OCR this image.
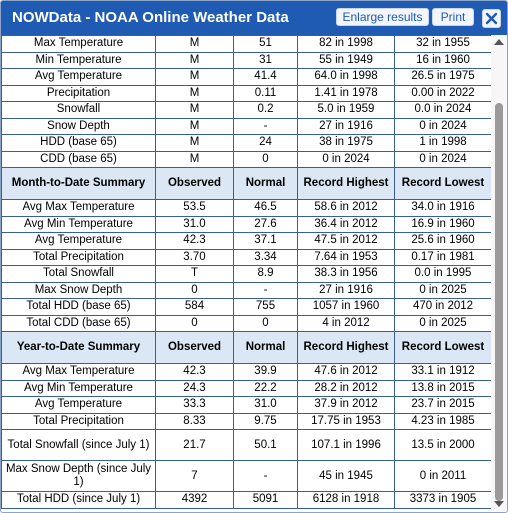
NOWData - NOAA Online Weather Data	Enlarge results	Print
Max Temperature	M	51	82 in 1998	32 in 1955
Min Temperature	M	31	55 in 1949	16 in 1960
Avg Temperature	M	41.4	64.0 in 1998	26.5 in 1975
Precipitation	M	0.11	1.41 in 1978	0.00 in 2022
Snowfall	M	0.2	5.0 in 1959	0.0 in 2024
Snow Depth	M	-	27 in 1916	0 in 2024
HDD (base 65)	M	24	38 in 1975	1 in 1998
CDD (base 65)	M	0	0 in 2024	0 in 2024
Month-to-Date Summary	Observed	Normal	Record Highest	Record Lowest
Avg Max Temperature	53.5	46.5	58.6 in 2012	34.0 in 1916
Avg Min Temperature	31.0	27.6	36.4 in 2012	16.9 in 1960
Avg Temperature	42.3	37.1	47.5 in 2012	25.6 in 1960
Total Precipitation	3.70	3.34	7.64 in 1953	0.17 in 1981
Total Snowfall	T	8.9	38.3 in 1956	0.0 in 1995
Max Snow Depth	0	-	27 in 1916	0 in 2025
Total HDD (base 65)	584	755	1057 in 1960	470 in 2012
Total CDD (base 65)	0	0	4 in 2012	0 in 2025
Year-to-Date Summary	Observed	Normal	Record Highest	Record Lowest
Avg Max Temperature	42.3	39.9	47.6 in 2012	33.1 in 1912
Avg Min Temperature	24.3	22.2	28.2 in 2012	13.8 in 2015
Avg Temperature	33.3	31.0	37.9 in 2012	23.7 in 2015
Total Precipitation	8.33	9.75	17.75 in 1953	4.23 in 1985
Total Snowfall (since July 1)	21.7	50.1	107.1 in 1996	13.5 in 2000
Max Snow Depth (since July 1)	7	-	45 in 1945	0 in 2011
Total HDD (since July 1)	4392	5091	6128 in 1918	3373 in 1905
